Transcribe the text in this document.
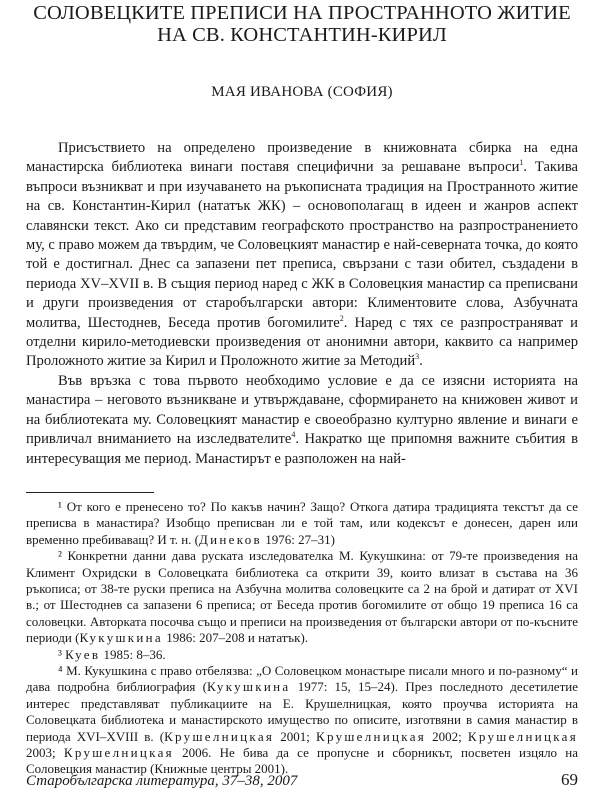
СОЛОВЕЦКИТЕ ПРЕПИСИ НА ПРОСТРАННОТО ЖИТИЕ
НА СВ. КОНСТАНТИН-КИРИЛ
МАЯ ИВАНОВА (СОФИЯ)

Присъствието на определено произведение в книжовната сбирка на една манастирска библиотека винаги поставя специфични за решаване въпроси$^1$. Такива въпроси възникват и при изучаването на ръкописната традиция на Пространното житие на св. Константин-Кирил (нататък ЖК) – основополагащ в идеен и жанров аспект славянски текст. Ако си представим географското пространство на разпространението му, с право можем да твърдим, че Соловецкият манастир е най-северната точка, до която той е достигнал. Днес са запазени пет преписа, свързани с тази обител, създадени в периода XV–XVII в. В същия период наред с ЖК в Соловецкия манастир са преписвани и други произведения от старобългарски автори: Климентовите слова, Азбучната молитва, Шестоднев, Беседа против богомилите$^2$. Наред с тях се разпространяват и отделни кирило-методиевски произведения от анонимни автори, каквито са например Проложното житие за Кирил и Проложното житие за Методий$^3$.

Във връзка с това първото необходимо условие е да се изясни историята на манастира – неговото възникване и утвърждаване, сформирането на книжовен живот и на библиотеката му. Соловецкият манастир е своеобразно културно явление и винаги е привличал вниманието на изследвателите$^4$. Накратко ще припомня важните събития в интересуващия ме период. Манастирът е разположен на най-

¹ От кого е пренесено то? По какъв начин? Защо? Откога датира традицията текстът да се преписва в манастира? Изобщо преписван ли е той там, или кодексът е донесен, дарен или временно пребиваващ? И т. н. (Динеков 1976: 27–31)

² Конкретни данни дава руската изследователка М. Кукушкина: от 79-те произведения на Климент Охридски в Соловецката библиотека са открити 39, които влизат в състава на 36 ръкописа; от 38-те руски преписа на Азбучна молитва соловецките са 2 на брой и датират от XVI в.; от Шестоднев са запазени 6 преписа; от Беседа против богомилите от общо 19 преписа 16 са соловецки. Авторката посочва също и преписи на произведения от български автори от по-късните периоди (Кукушкина 1986: 207–208 и нататък).

³ Куев 1985: 8–36.

⁴ М. Кукушкина с право отбелязва: „О Соловецком монастыре писали много и по-разному“ и дава подробна библиография (Кукушкина 1977: 15, 15–24). През последното десетилетие интерес представляват публикациите на Е. Крушелницкая, която проучва историята на Соловецката библиотека и манастирското имущество по описите, изготвяни в самия манастир в периода XVI–XVIII в. (Крушелницкая 2001; Крушелницкая 2002; Крушелницкая 2003; Крушелницкая 2006. Не бива да се пропусне и сборникът, посветен изцяло на Соловецкия манастир (Книжные центры 2001).

Старобългарска литература, 37–38, 2007	69
